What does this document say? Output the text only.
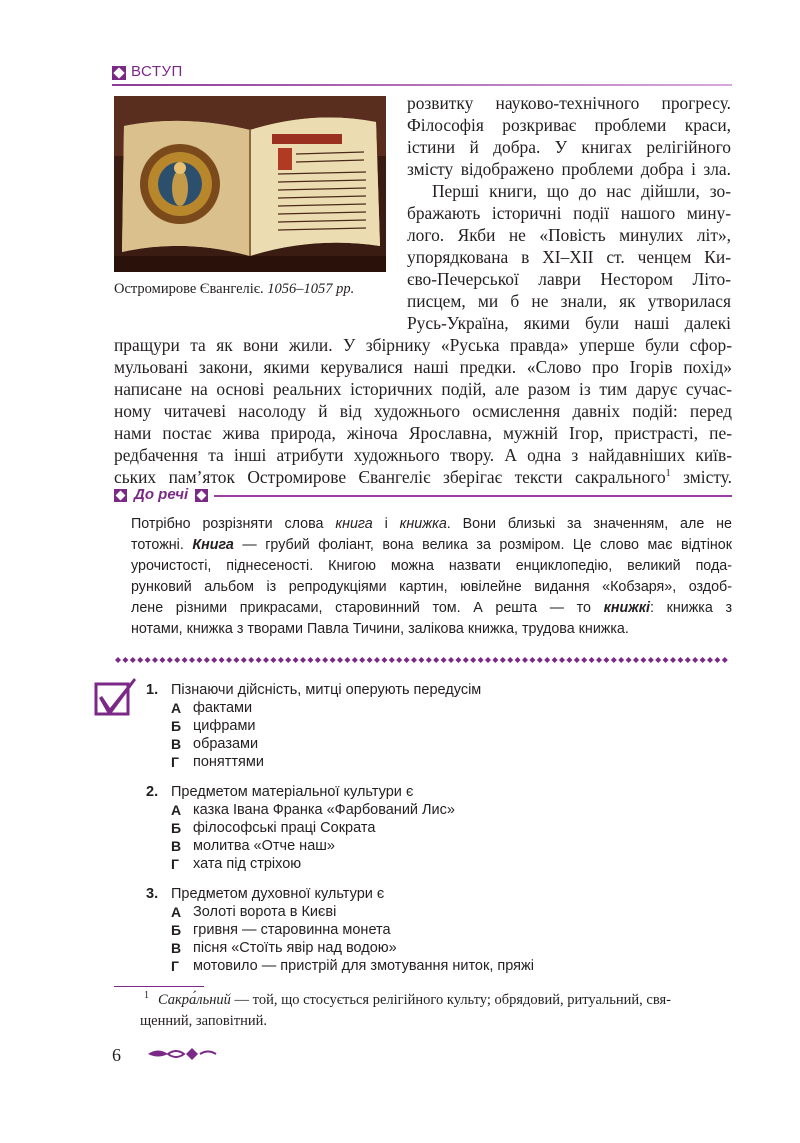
ВСТУП
Остромирове Євангеліє. 1056–1057 рр.
розвитку науково-технічного прогресу.
Філософія розкриває проблеми краси,
істини й добра. У книгах релігійного
змісту відображено проблеми добра і зла.
Перші книги, що до нас дійшли, зо-
бражають історичні події нашого мину-
лого. Якби не «Повість минулих літ»,
упорядкована в ХІ–ХІІ ст. ченцем Ки-
єво-Печерської лаври Нестором Літо-
писцем, ми б не знали, як утворилася
Русь-Україна, якими були наші далекі
пращури та як вони жили. У збірнику «Руська правда» уперше були сфор-
мульовані закони, якими керувалися наші предки. «Слово про Ігорів похід»
написане на основі реальних історичних подій, але разом із тим дарує сучас-
ному читачеві насолоду й від художнього осмислення давніх подій: перед
нами постає жива природа, жіноча Ярославна, мужній Ігор, пристрасті, пе-
редбачення та інші атрибути художнього твору. А одна з найдавніших київ-
ських пам’яток Остромирове Євангеліє зберігає тексти сакрального$^1$ змісту.
До речі
Потрібно розрізняти слова книга і книжка. Вони близькі за значенням, але не
тотожні. Книга — грубий фоліант, вона велика за розміром. Це слово має відтінок
урочистості, піднесеності. Книгою можна назвати енциклопедію, великий пода-
рунковий альбом із репродукціями картин, ювілейне видання «Кобзаря», оздоб-
лене різними прикрасами, старовинний том. А решта — то книжкі: книжка з
нотами, книжка з творами Павла Тичини, залікова книжка, трудова книжка.
1. Пізнаючи дійсність, митці оперують передусім
А фактами
Б цифрами
В образами
Г поняттями
2. Предметом матеріальної культури є
А казка Івана Франка «Фарбований Лис»
Б філософські праці Сократа
В молитва «Отче наш»
Г хата під стріхою
3. Предметом духовної культури є
А Золоті ворота в Києві
Б гривня — старовинна монета
В пісня «Стоїть явір над водою»
Г мотовило — пристрій для змотування ниток, пряжі
1 Сакра́льний — той, що стосується релігійного культу; обрядовий, ритуальний, свя-
щенний, заповітний.
6
